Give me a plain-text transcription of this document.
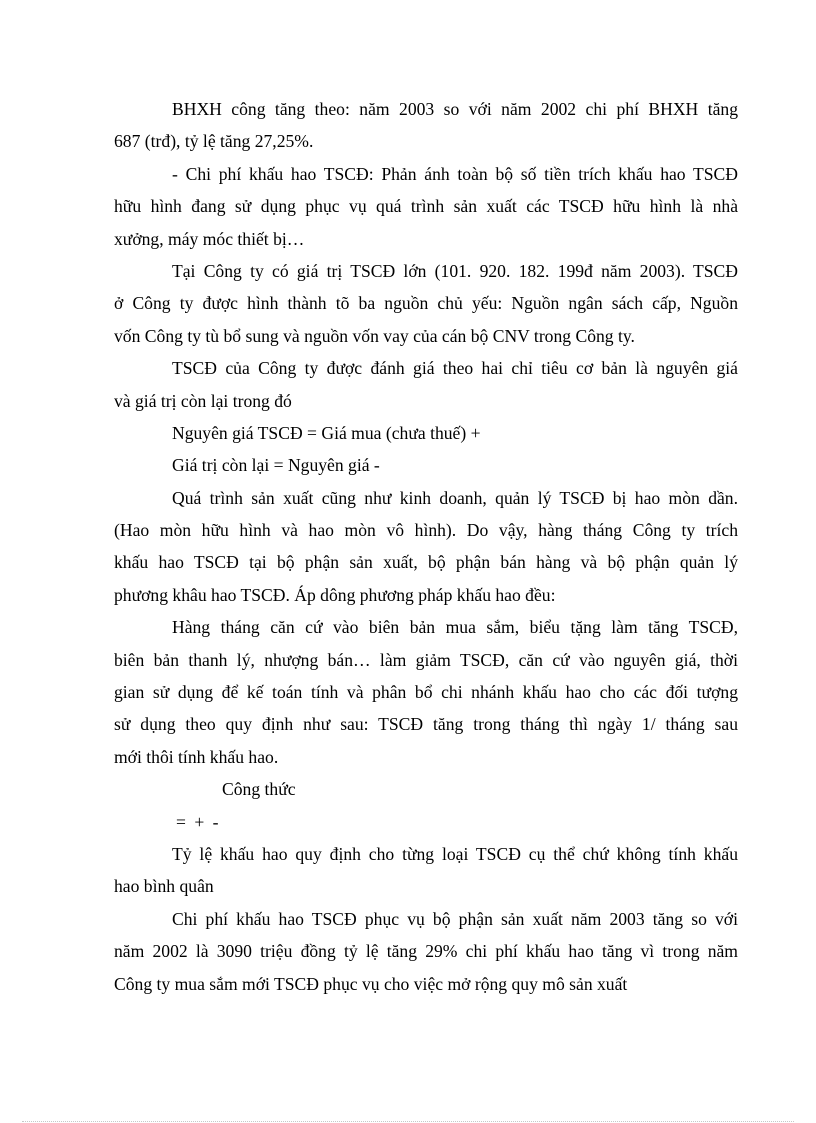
BHXH công tăng theo: năm 2003 so với năm 2002 chi phí BHXH tăng
687 (trđ), tỷ lệ tăng 27,25%.
- Chi phí khấu hao TSCĐ: Phản ánh toàn bộ số tiền trích khấu hao TSCĐ
hữu hình đang sử dụng phục vụ quá trình sản xuất các TSCĐ hữu hình là nhà
xưởng, máy móc thiết bị…
Tại Công ty có giá trị TSCĐ lớn (101. 920. 182. 199đ năm 2003). TSCĐ
ở Công ty được hình thành tõ ba nguồn chủ yếu: Nguồn ngân sách cấp, Nguồn
vốn Công ty tù bổ sung và nguồn vốn vay của cán bộ CNV trong Công ty.
TSCĐ của Công ty được đánh giá theo hai chỉ tiêu cơ bản là nguyên giá
và giá trị còn lại trong đó
Nguyên giá TSCĐ = Giá mua (chưa thuế) +
Giá trị còn lại = Nguyên giá -
Quá trình sản xuất cũng như kinh doanh, quản lý TSCĐ bị hao mòn dần.
(Hao mòn hữu hình và hao mòn vô hình). Do vậy, hàng tháng Công ty trích
khấu hao TSCĐ tại bộ phận sản xuất, bộ phận bán hàng và bộ phận quản lý
phương khâu hao TSCĐ. Áp dông phương pháp khấu hao đều:
Hàng tháng căn cứ vào biên bản mua sắm, biểu tặng làm tăng TSCĐ,
biên bản thanh lý, nhượng bán… làm giảm TSCĐ, căn cứ vào nguyên giá, thời
gian sử dụng để kế toán tính và phân bổ chi nhánh khấu hao cho các đối tượng
sử dụng theo quy định như sau: TSCĐ tăng trong tháng thì ngày 1/ tháng sau
mới thôi tính khấu hao.
Công thức
= + -
Tỷ lệ khấu hao quy định cho từng loại TSCĐ cụ thể chứ không tính khấu
hao bình quân
Chi phí khấu hao TSCĐ phục vụ bộ phận sản xuất năm 2003 tăng so với
năm 2002 là 3090 triệu đồng tỷ lệ tăng 29% chi phí khấu hao tăng vì trong năm
Công ty mua sắm mới TSCĐ phục vụ cho việc mở rộng quy mô sản xuất
